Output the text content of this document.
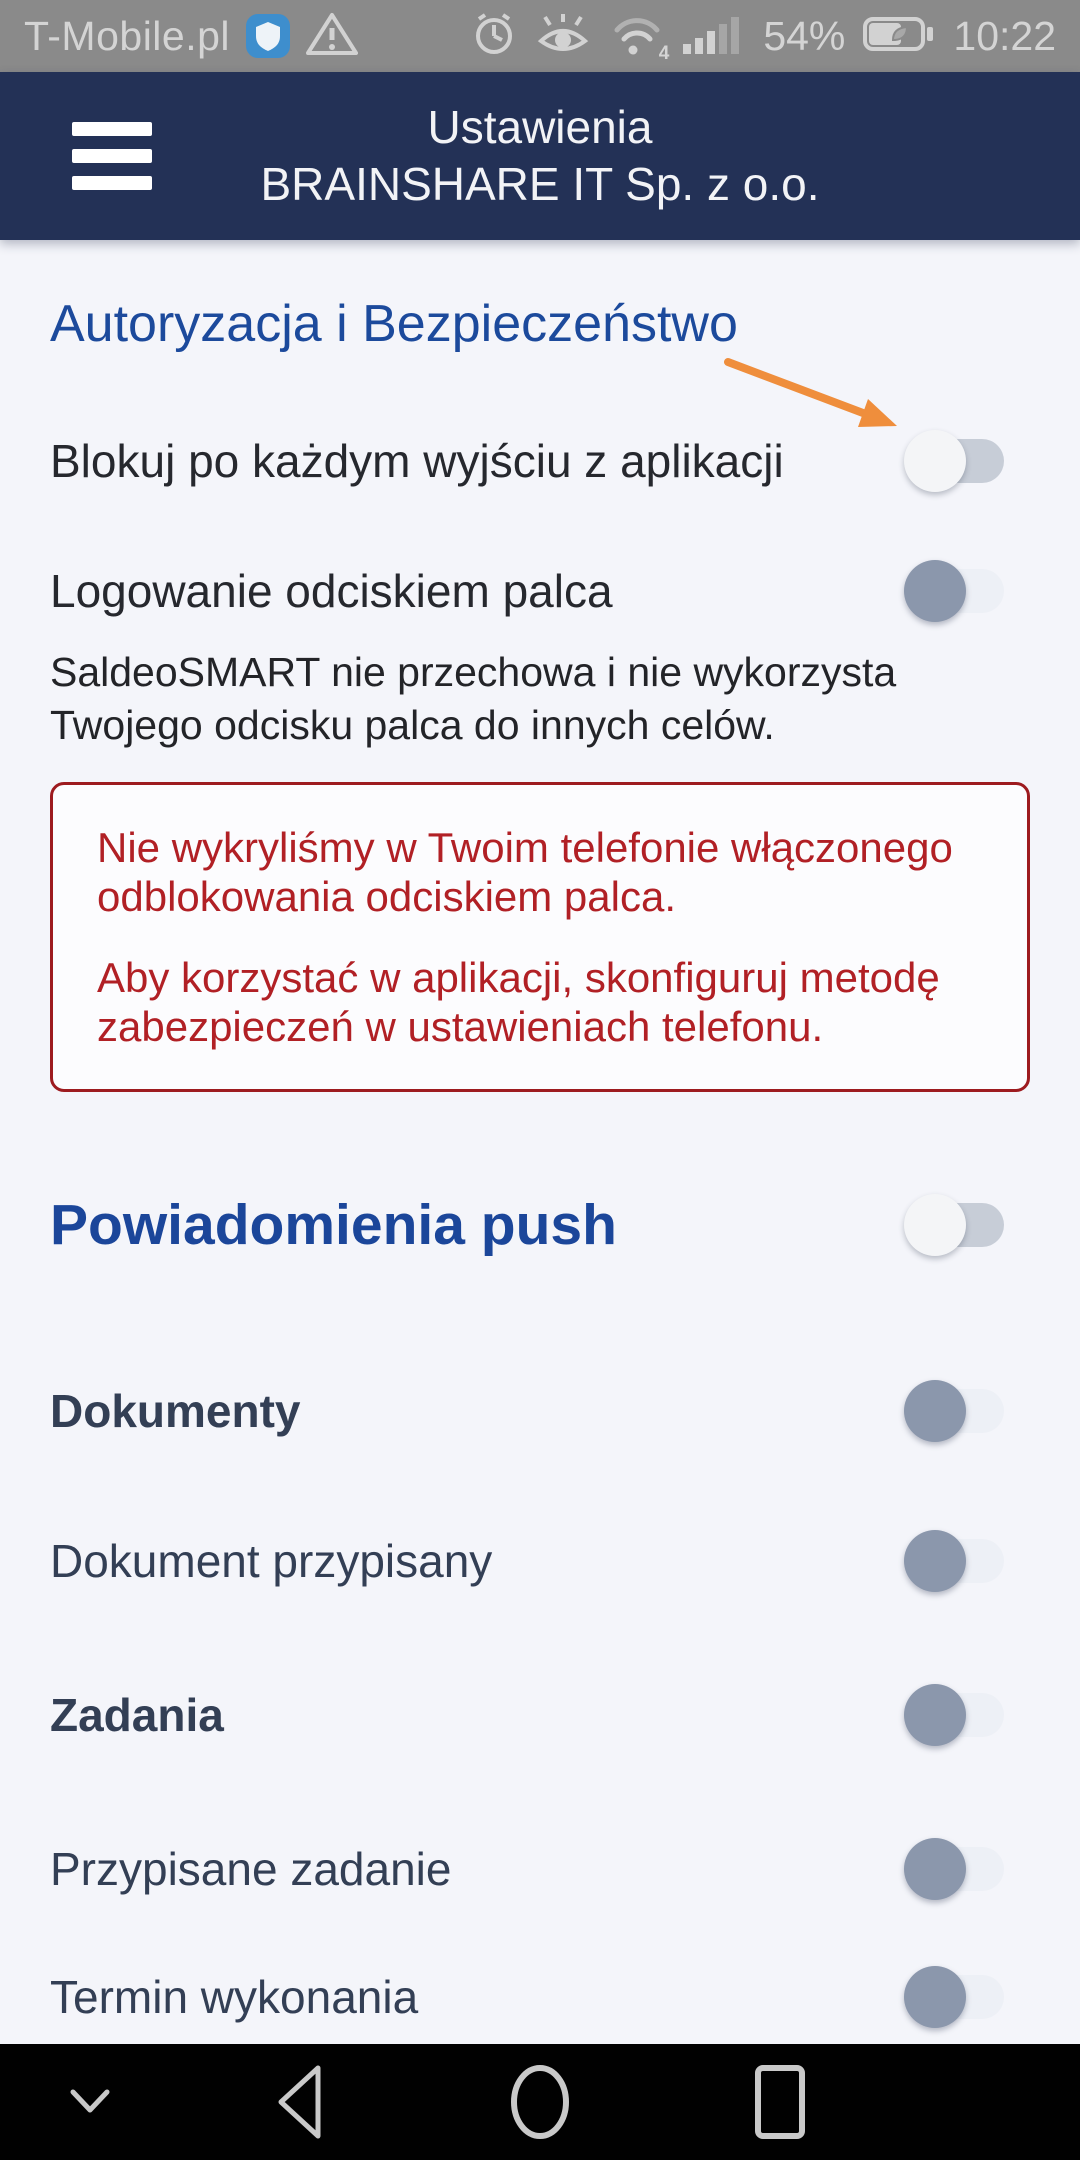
T-Mobile.pl	4 54%	10:22
Ustawienia
BRAINSHARE IT Sp. z o.o.
Autoryzacja i Bezpieczeństwo
Blokuj po każdym wyjściu z aplikacji
Logowanie odciskiem palca
SaldeoSMART nie przechowa i nie wykorzysta Twojego odcisku palca do innych celów.

Nie wykryliśmy w Twoim telefonie włączonego odblokowania odciskiem palca.

Aby korzystać w aplikacji, skonfiguruj metodę zabezpieczeń w ustawieniach telefonu.

Powiadomienia push
Dokumenty
Dokument przypisany
Zadania
Przypisane zadanie
Termin wykonania
